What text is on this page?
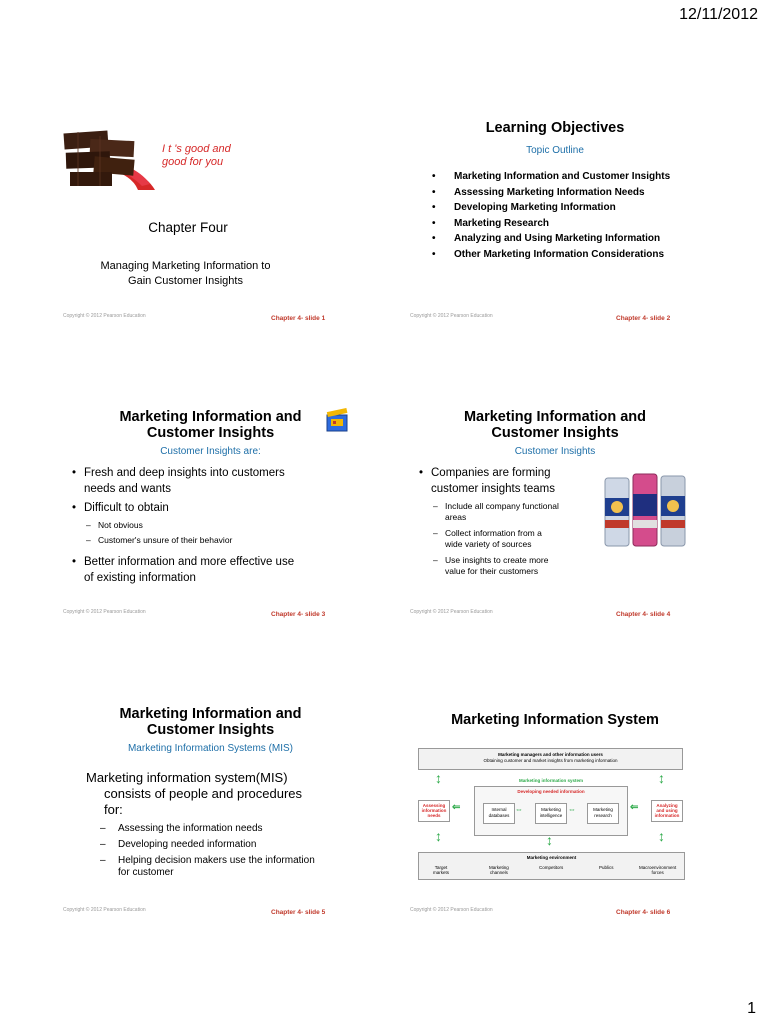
12/11/2012
I t 's good and
good for you
Chapter Four
Managing Marketing Information to
Gain Customer Insights
Copyright © 2012 Pearson Education	Chapter 4- slide 1
Learning Objectives
Topic Outline
• Marketing Information and Customer Insights
• Assessing Marketing Information Needs
• Developing Marketing Information
• Marketing Research
• Analyzing and Using Marketing Information
• Other Marketing Information Considerations
Copyright © 2012 Pearson Education	Chapter 4- slide 2
Marketing Information and
Customer Insights
Customer Insights are:
• Fresh and deep insights into customers
needs and wants
• Difficult to obtain
– Not obvious
– Customer's unsure of their behavior
• Better information and more effective use
of existing information
Copyright © 2012 Pearson Education	Chapter 4- slide 3
Marketing Information and
Customer Insights
Customer Insights
• Companies are forming
customer insights teams
– Include all company functional
areas
– Collect information from a
wide variety of sources
– Use insights to create more
value for their customers
Copyright © 2012 Pearson Education	Chapter 4- slide 4
Marketing Information and
Customer Insights
Marketing Information Systems (MIS)
Marketing information system(MIS)
consists of people and procedures
for:
– Assessing the information needs
– Developing needed information
– Helping decision makers use the information
for customer
Copyright © 2012 Pearson Education	Chapter 4- slide 5
Marketing Information System
Marketing managers and other information users
Obtaining customer and market insights from marketing information
↕	↕
Marketing information system
Assessing
information
needs
⇐
Developing needed information
Internal
databases
⇔	Marketing
intelligence
⇔	Marketing
research
⇐	Analyzing
and using
information
↕	↕	↕
Marketing environment
Target
markets
Marketing
channels
Competitors	Publics	Macroenvironment
forces
Copyright © 2012 Pearson Education	Chapter 4- slide 6
1
